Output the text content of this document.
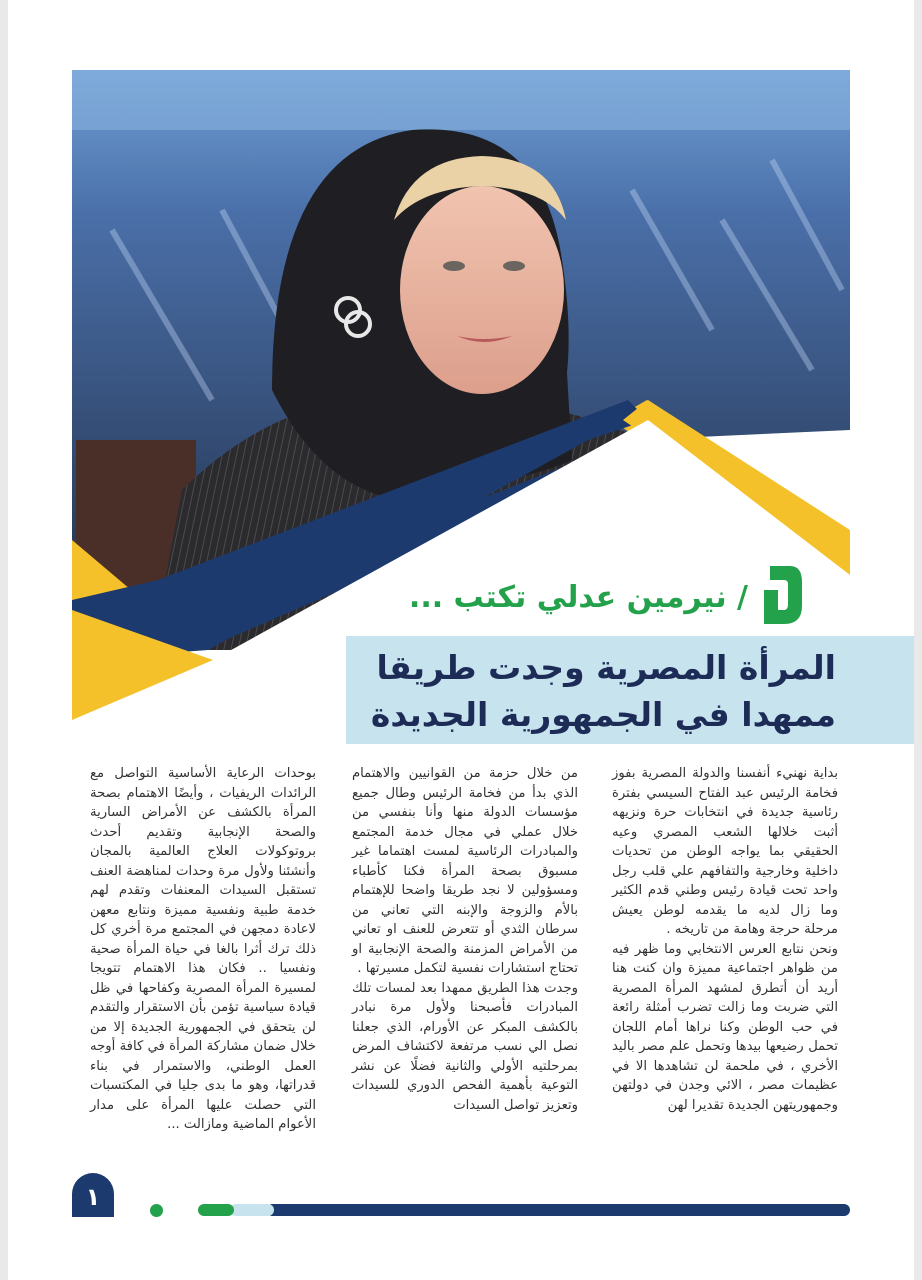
/ نيرمين عدلي تكتب ...
المرأة المصرية وجدت طريقا
ممهدا في الجمهورية الجديدة

بداية نهنيء أنفسنا والدولة المصرية بفوز فخامة الرئيس عبد الفتاح السيسي بفترة رئاسية جديدة في انتخابات حرة ونزيهه أثبت خلالها الشعب المصري وعيه الحقيقي بما يواجه الوطن من تحديات داخلية وخارجية والتفافهم علي قلب رجل واحد تحت قيادة رئيس وطني قدم الكثير وما زال لديه ما يقدمه لوطن يعيش مرحلة حرجة وهامة من تاريخه .

ونحن نتابع العرس الانتخابي وما ظهر فيه من ظواهر اجتماعية مميزة وان كنت هنا أريد أن أتطرق لمشهد المرأة المصرية التي ضربت وما زالت تضرب أمثلة رائعة في حب الوطن وكنا نراها أمام اللجان تحمل رضيعها بيدها وتحمل علم مصر باليد الأخري ، في ملحمة لن تشاهدها الا في عظيمات مصر ، الائي وجدن في دولتهن وجمهوريتهن الجديدة تقديرا لهن

من خلال حزمة من القوانيين والاهتمام الذي بدأ من فخامة الرئيس وطال جميع مؤسسات الدولة منها وأنا بنفسي من خلال عملي في مجال خدمة المجتمع والمبادرات الرئاسية لمست اهتماما غير مسبوق بصحة المرأة فكنا كأطباء ومسؤولين لا نجد طريقا واضحا للإهتمام بالأم والزوجة والإبنه التي تعاني من سرطان الثدي أو تتعرض للعنف او تعاني من الأمراض المزمنة والصحة الإنجابية او تحتاج استشارات نفسية لتكمل مسيرتها .

وجدت هذا الطريق ممهدا بعد لمسات تلك المبادرات فأصبحنا ولأول مرة نبادر بالكشف المبكر عن الأورام، الذي جعلنا نصل الي نسب مرتفعة لاكتشاف المرض بمرحلتيه الأولي والثانية فضلًا عن نشر التوعية بأهمية الفحص الدوري للسيدات وتعزيز تواصل السيدات

بوحدات الرعاية الأساسية التواصل مع الرائدات الريفيات ، وأيضًا الاهتمام بصحة المرأة بالكشف عن الأمراض السارية والصحة الإنجابية وتقديم أحدث بروتوكولات العلاج العالمية بالمجان وأنشئنا ولأول مرة وحدات لمناهضة العنف تستقبل السيدات المعنفات وتقدم لهم خدمة طبية ونفسية مميزة ونتابع معهن لاعادة دمجهن في المجتمع مرة أخري كل ذلك ترك أثرا بالغا في حياة المرأة صحية ونفسيا .. فكان هذا الاهتمام تتويجا لمسيرة المرأة المصرية وكفاحها في ظل قيادة سياسية تؤمن بأن الاستقرار والتقدم لن يتحقق في الجمهورية الجديدة إلا من خلال ضمان مشاركة المرأة في كافة أوجه العمل الوطني، والاستمرار في بناء قدراتها، وهو ما بدى جليا في المكتسبات التي حصلت عليها المرأة على مدار الأعوام الماضية ومازالت ...

١
